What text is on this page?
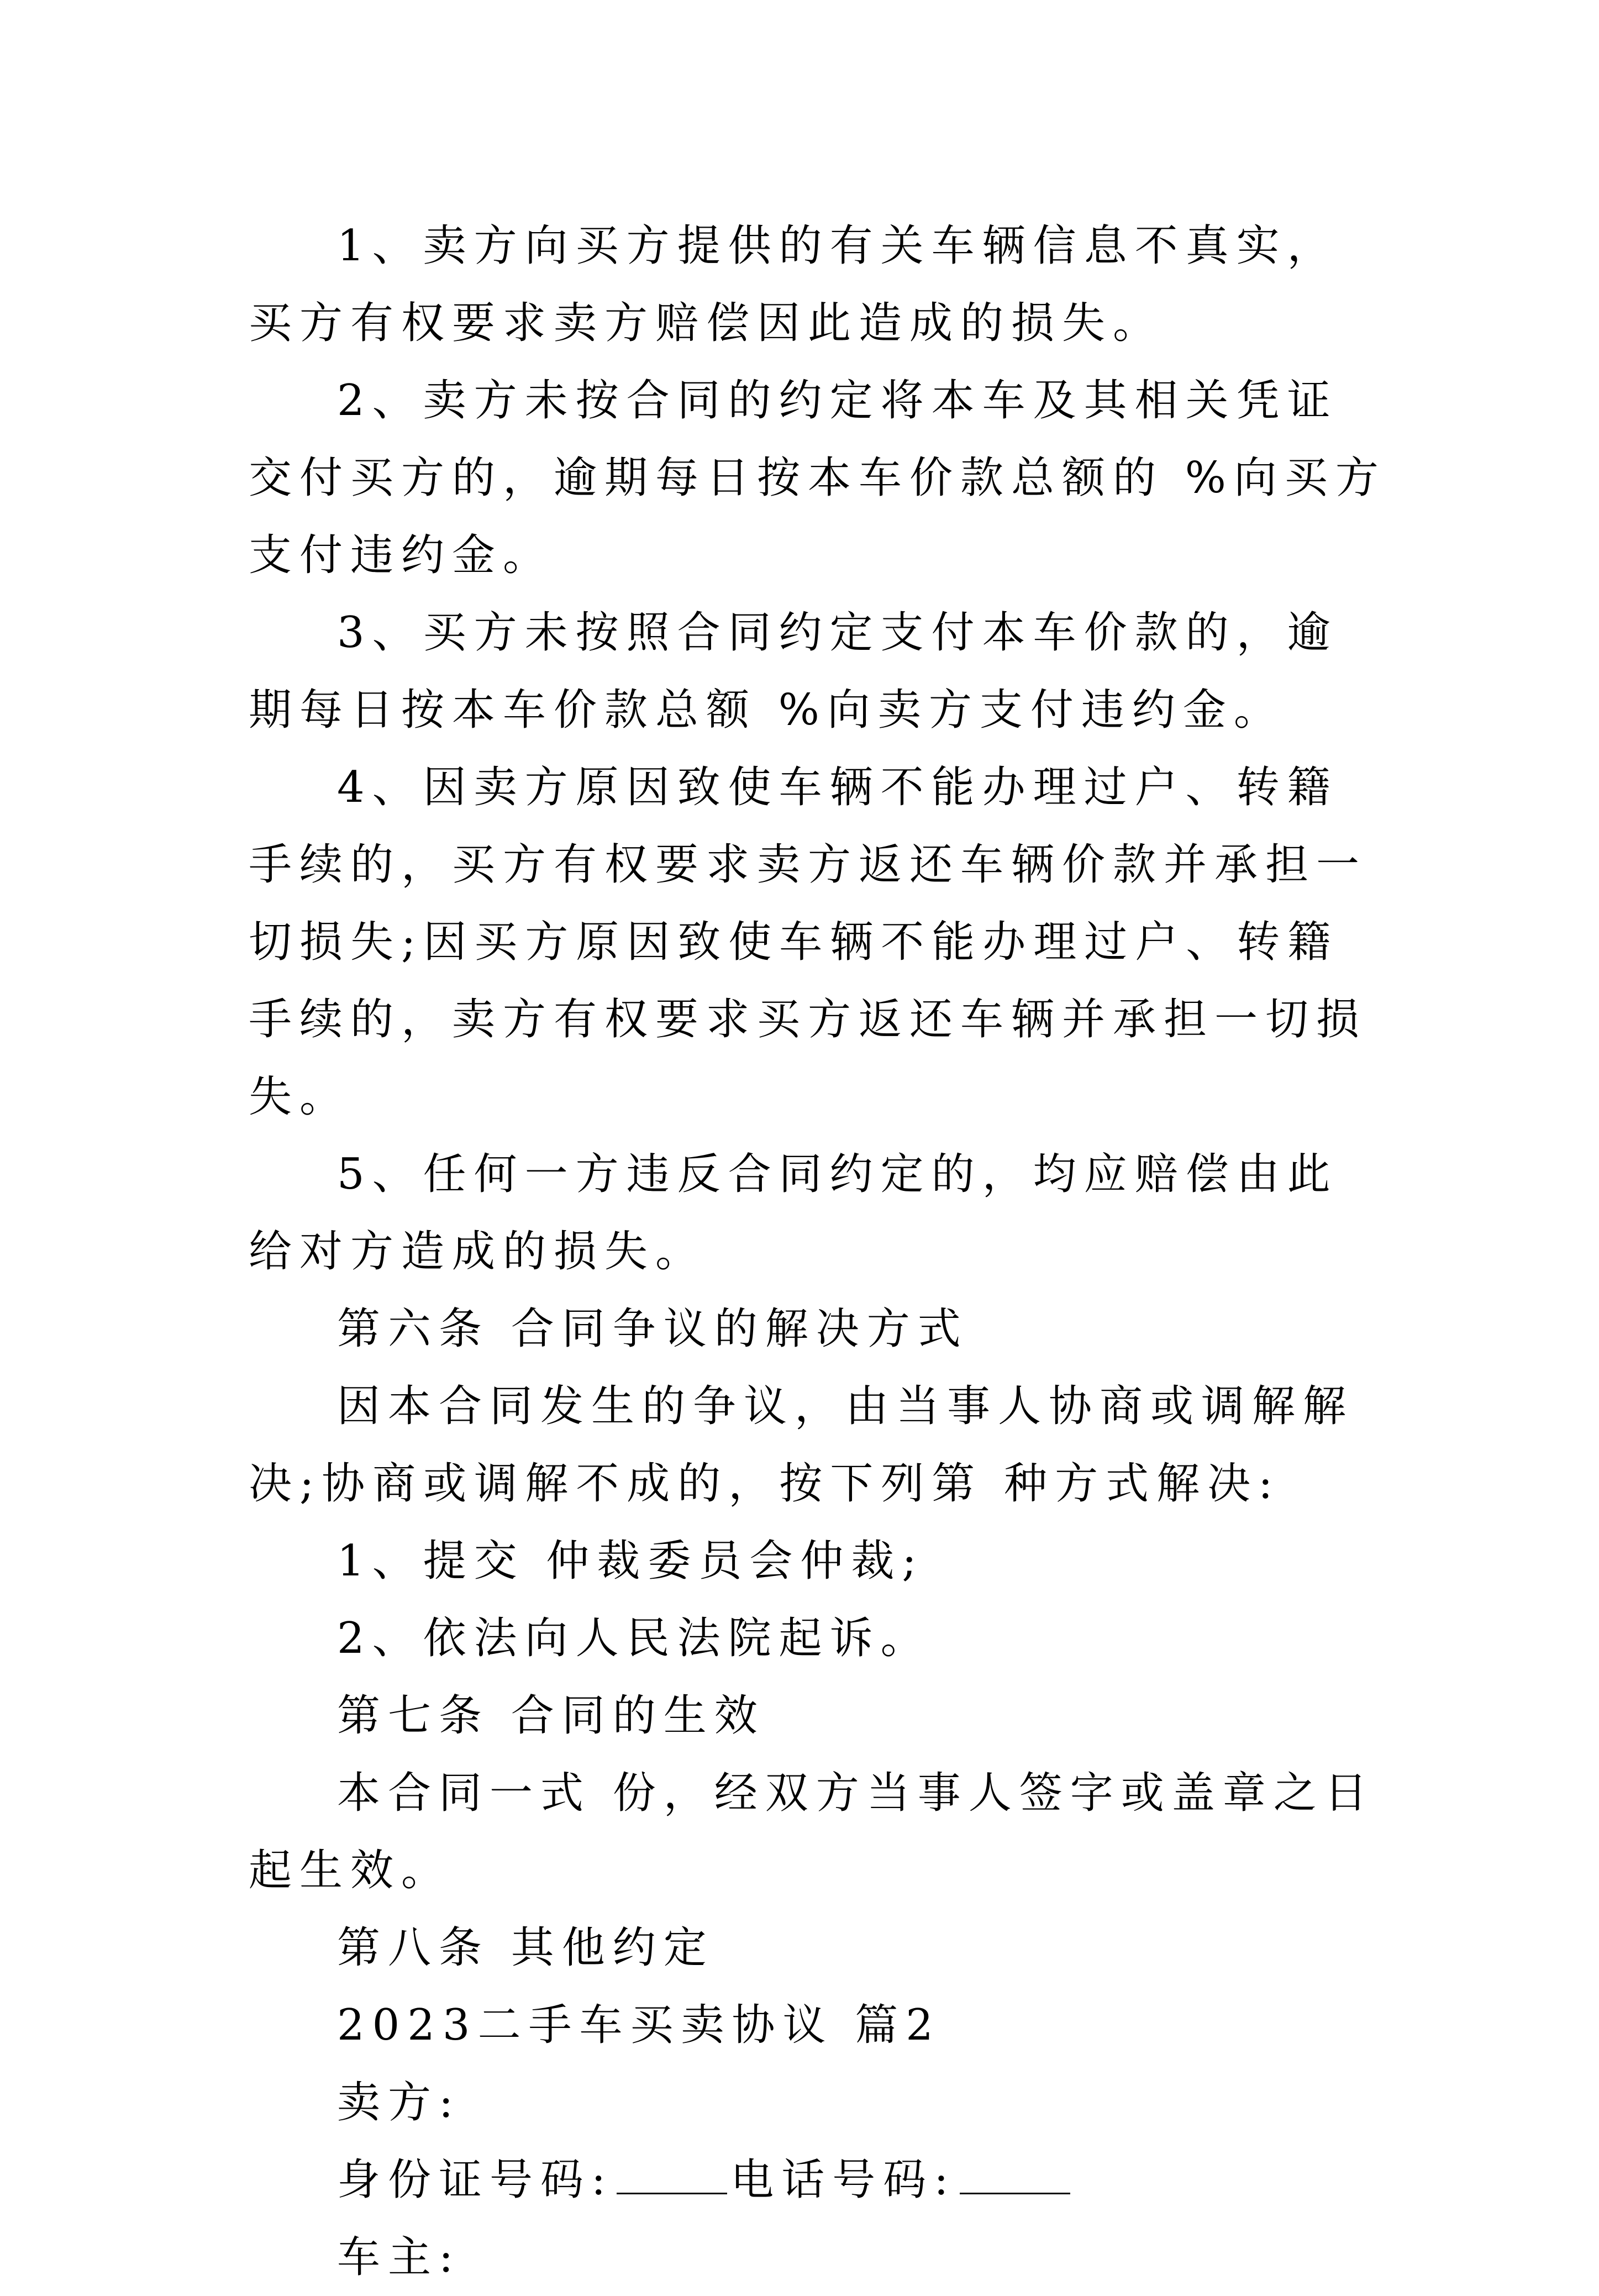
1、卖方向买方提供的有关车辆信息不真实，买方有权要求卖方赔偿因此造成的损失。

2、卖方未按合同的约定将本车及其相关凭证交付买方的，逾期每日按本车价款总额的 %向买方支付违约金。

3、买方未按照合同约定支付本车价款的，逾期每日按本车价款总额 %向卖方支付违约金。

4、因卖方原因致使车辆不能办理过户、转籍手续的，买方有权要求卖方返还车辆价款并承担一切损失;因买方原因致使车辆不能办理过户、转籍手续的，卖方有权要求买方返还车辆并承担一切损失。

5、任何一方违反合同约定的，均应赔偿由此给对方造成的损失。

第六条 合同争议的解决方式

因本合同发生的争议，由当事人协商或调解解决;协商或调解不成的，按下列第 种方式解决:

1、提交 仲裁委员会仲裁;

2、依法向人民法院起诉。

第七条 合同的生效

本合同一式 份，经双方当事人签字或盖章之日起生效。

第八条 其他约定

2023二手车买卖协议 篇2

卖方:

身份证号码:	电话号码:

车主:
